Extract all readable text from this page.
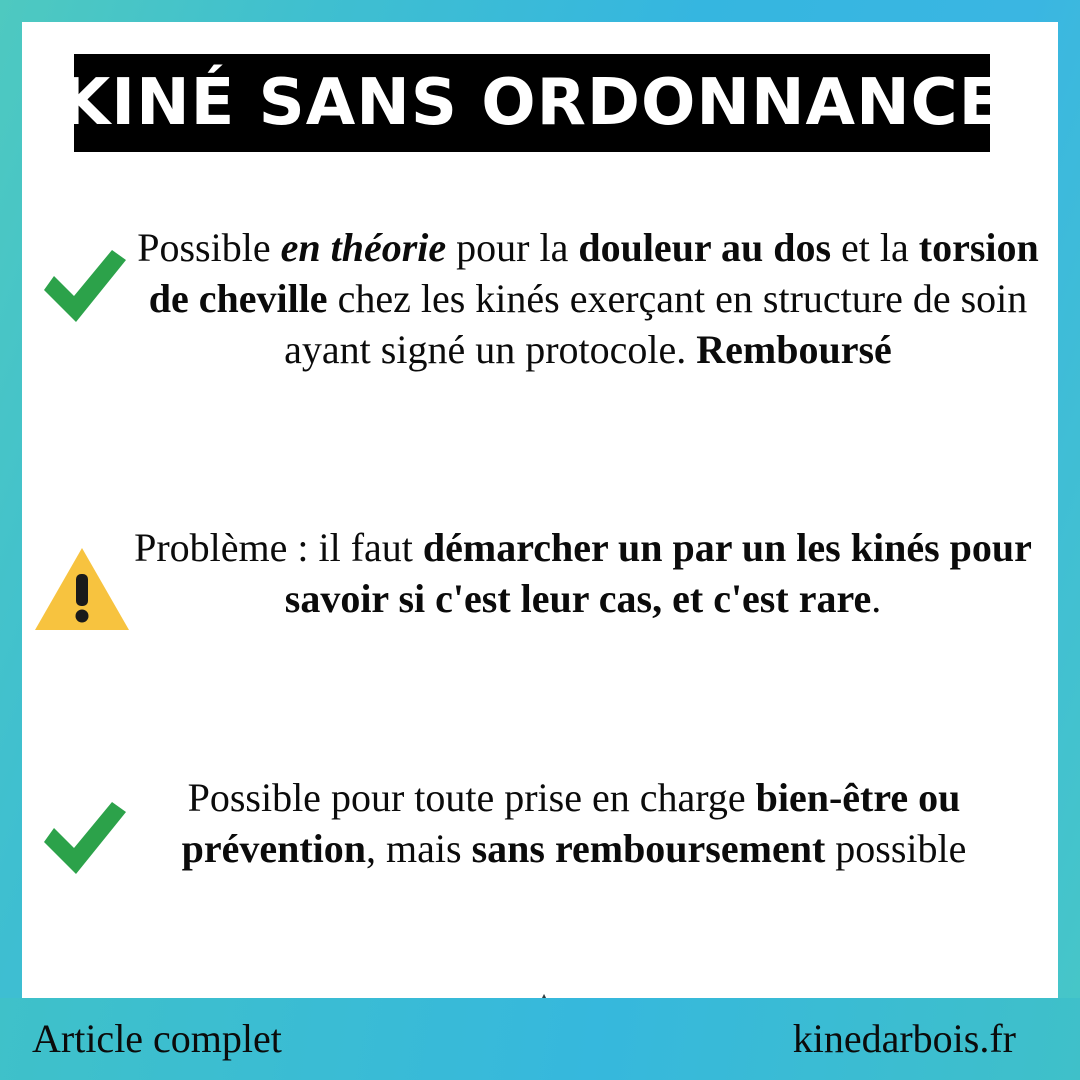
KINÉ SANS ORDONNANCE
Possible en théorie pour la douleur au dos et la torsion de cheville chez les kinés exerçant en structure de soin ayant signé un protocole. Remboursé
Problème : il faut démarcher un par un les kinés pour savoir si c'est leur cas, et c'est rare.
Possible pour toute prise en charge bien-être ou prévention, mais sans remboursement possible
Article complet	kinedarbois.fr
